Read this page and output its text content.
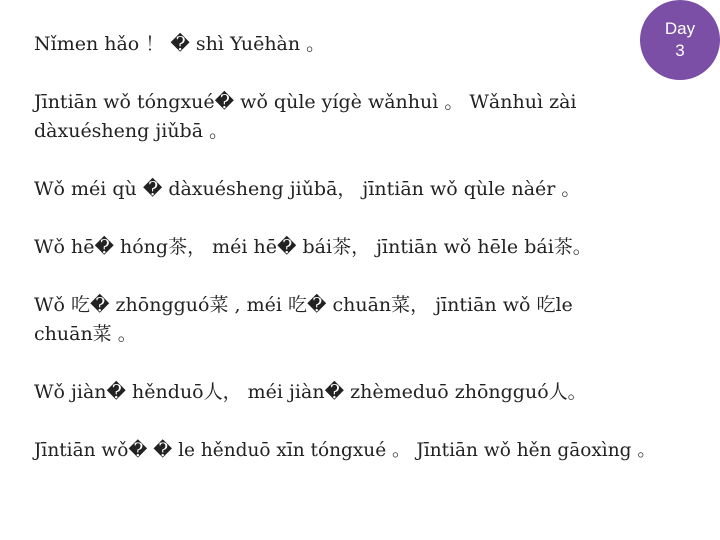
Day
3
Nǐmen hǎo ！ � shì Yuēhàn 。
Jīntiān wǒ tóngxué� wǒ qùle yígè wǎnhuì 。 Wǎnhuì zài
dàxuésheng jiǔbā 。
Wǒ méi qù � dàxuésheng jiǔbā， jīntiān wǒ qùle nàér 。
Wǒ hē� hóng茶， méi hē� bái茶， jīntiān wǒ hēle bái茶。
Wǒ 吃� zhōngguó菜 , méi 吃� chuān菜， jīntiān wǒ 吃le
chuān菜 。
Wǒ jiàn� hěnduō人， méi jiàn� zhèmeduō zhōngguó人。
Jīntiān wǒ� � le hěnduō xīn tóngxué 。 Jīntiān wǒ hěn gāoxìng 。
